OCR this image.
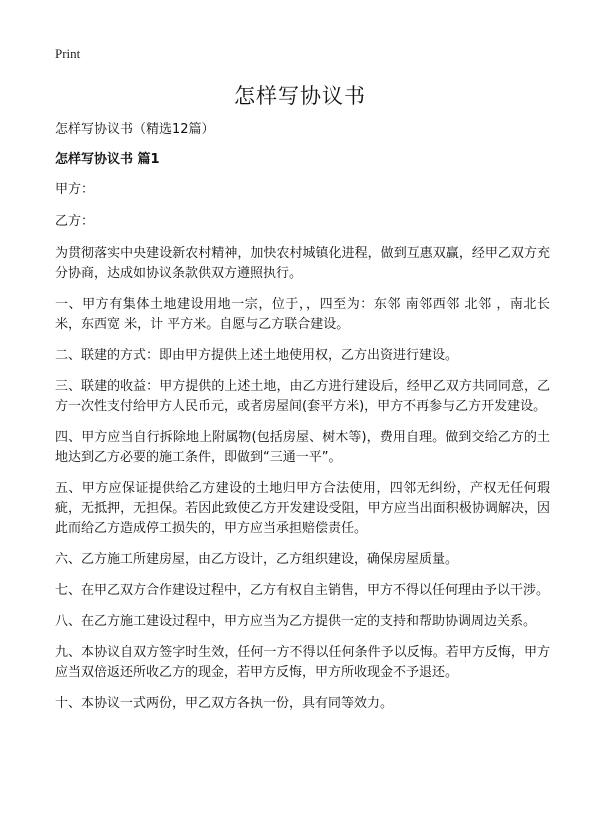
Print
怎样写协议书

怎样写协议书（精选12篇）

怎样写协议书 篇1

甲方：

乙方：

为贯彻落实中央建设新农村精神，加快农村城镇化进程，做到互惠双赢，经甲乙双方充分协商，达成如协议条款供双方遵照执行。

一、甲方有集体土地建设用地一宗，位于，，四至为：东邻 南邻西邻 北邻 ，南北长米，东西宽 米，计 平方米。自愿与乙方联合建设。

二、联建的方式：即由甲方提供上述土地使用权，乙方出资进行建设。

三、联建的收益：甲方提供的上述土地，由乙方进行建设后，经甲乙双方共同同意，乙方一次性支付给甲方人民币元，或者房屋间(套平方米)，甲方不再参与乙方开发建设。

四、甲方应当自行拆除地上附属物(包括房屋、树木等)，费用自理。做到交给乙方的土地达到乙方必要的施工条件，即做到“三通一平”。

五、甲方应保证提供给乙方建设的土地归甲方合法使用，四邻无纠纷，产权无任何瑕疵，无抵押，无担保。若因此致使乙方开发建设受阻，甲方应当出面积极协调解决，因此而给乙方造成停工损失的，甲方应当承担赔偿责任。

六、乙方施工所建房屋，由乙方设计，乙方组织建设，确保房屋质量。

七、在甲乙双方合作建设过程中，乙方有权自主销售，甲方不得以任何理由予以干涉。

八、在乙方施工建设过程中，甲方应当为乙方提供一定的支持和帮助协调周边关系。

九、本协议自双方签字时生效，任何一方不得以任何条件予以反悔。若甲方反悔，甲方应当双倍返还所收乙方的现金，若甲方反悔，甲方所收现金不予退还。

十、本协议一式两份，甲乙双方各执一份，具有同等效力。
